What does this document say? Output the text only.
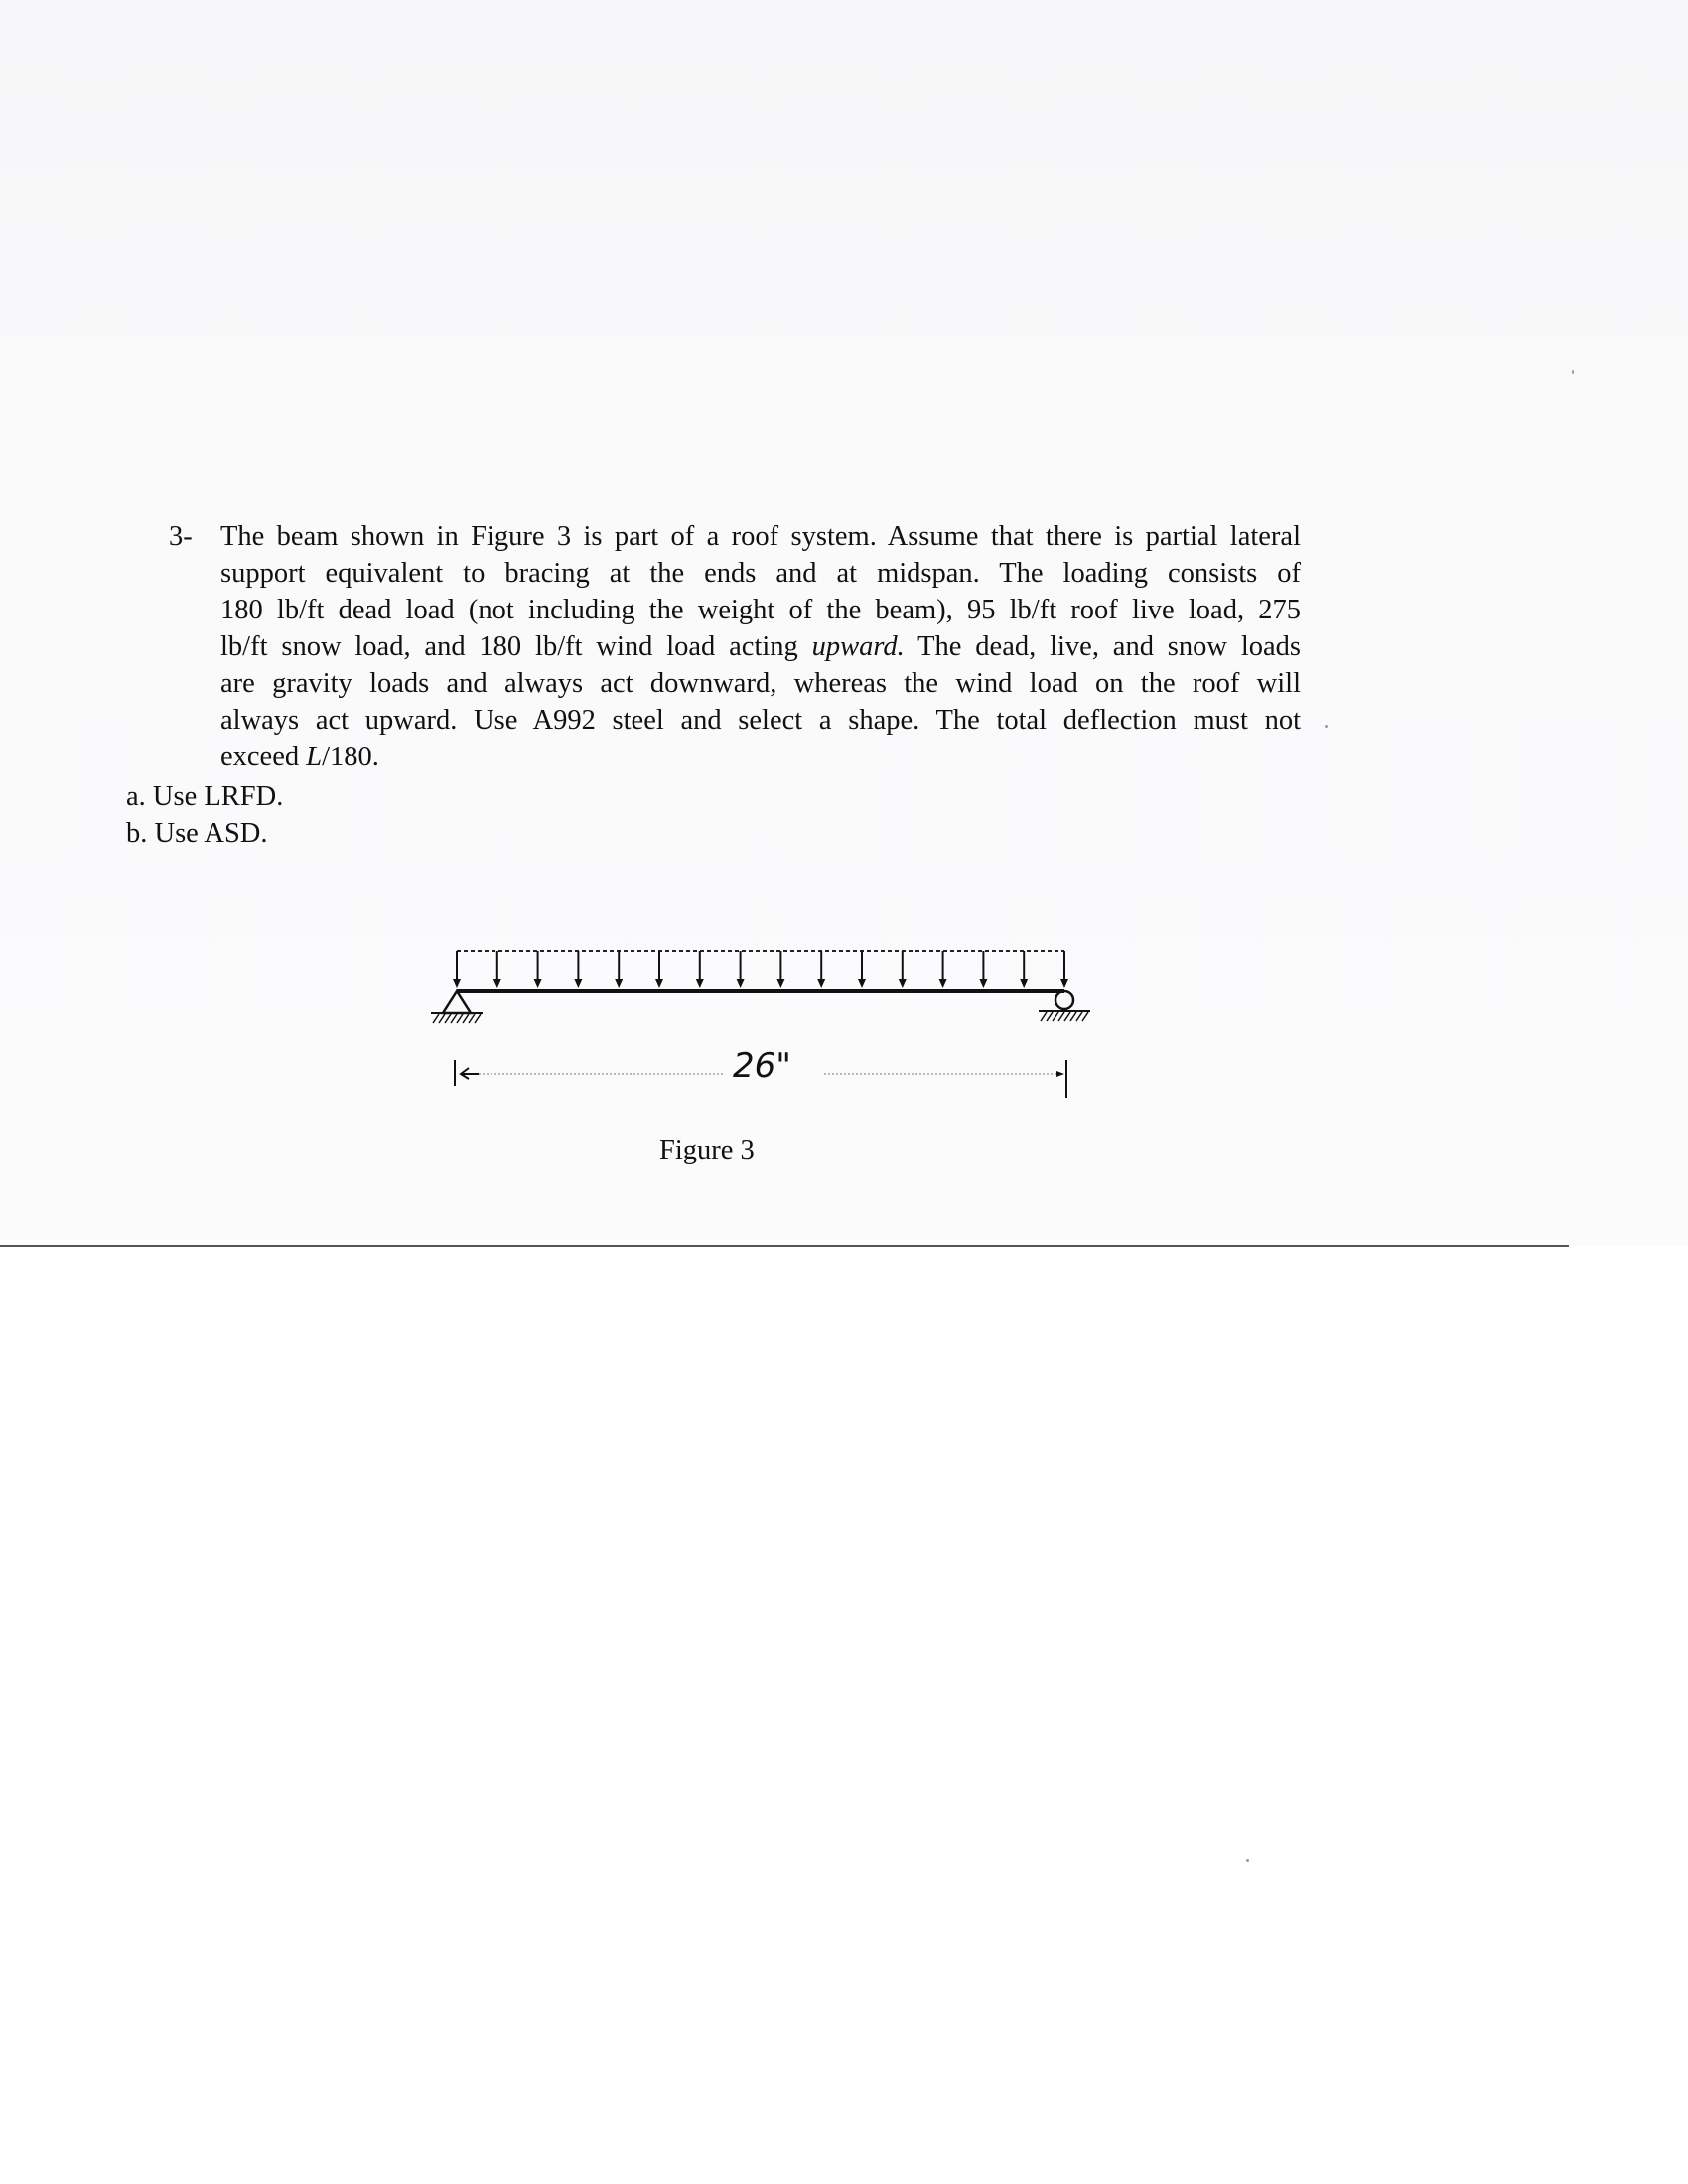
3- The beam shown in Figure 3 is part of a roof system. Assume that there is partial lateral
support equivalent to bracing at the ends and at midspan. The loading consists of
180 lb/ft dead load (not including the weight of the beam), 95 lb/ft roof live load, 275
lb/ft snow load, and 180 lb/ft wind load acting upward. The dead, live, and snow loads
are gravity loads and always act downward, whereas the wind load on the roof will
always act upward. Use A992 steel and select a shape. The total deflection must not
exceed L/180.
a. Use LRFD.
b. Use ASD.
26"
Figure 3
